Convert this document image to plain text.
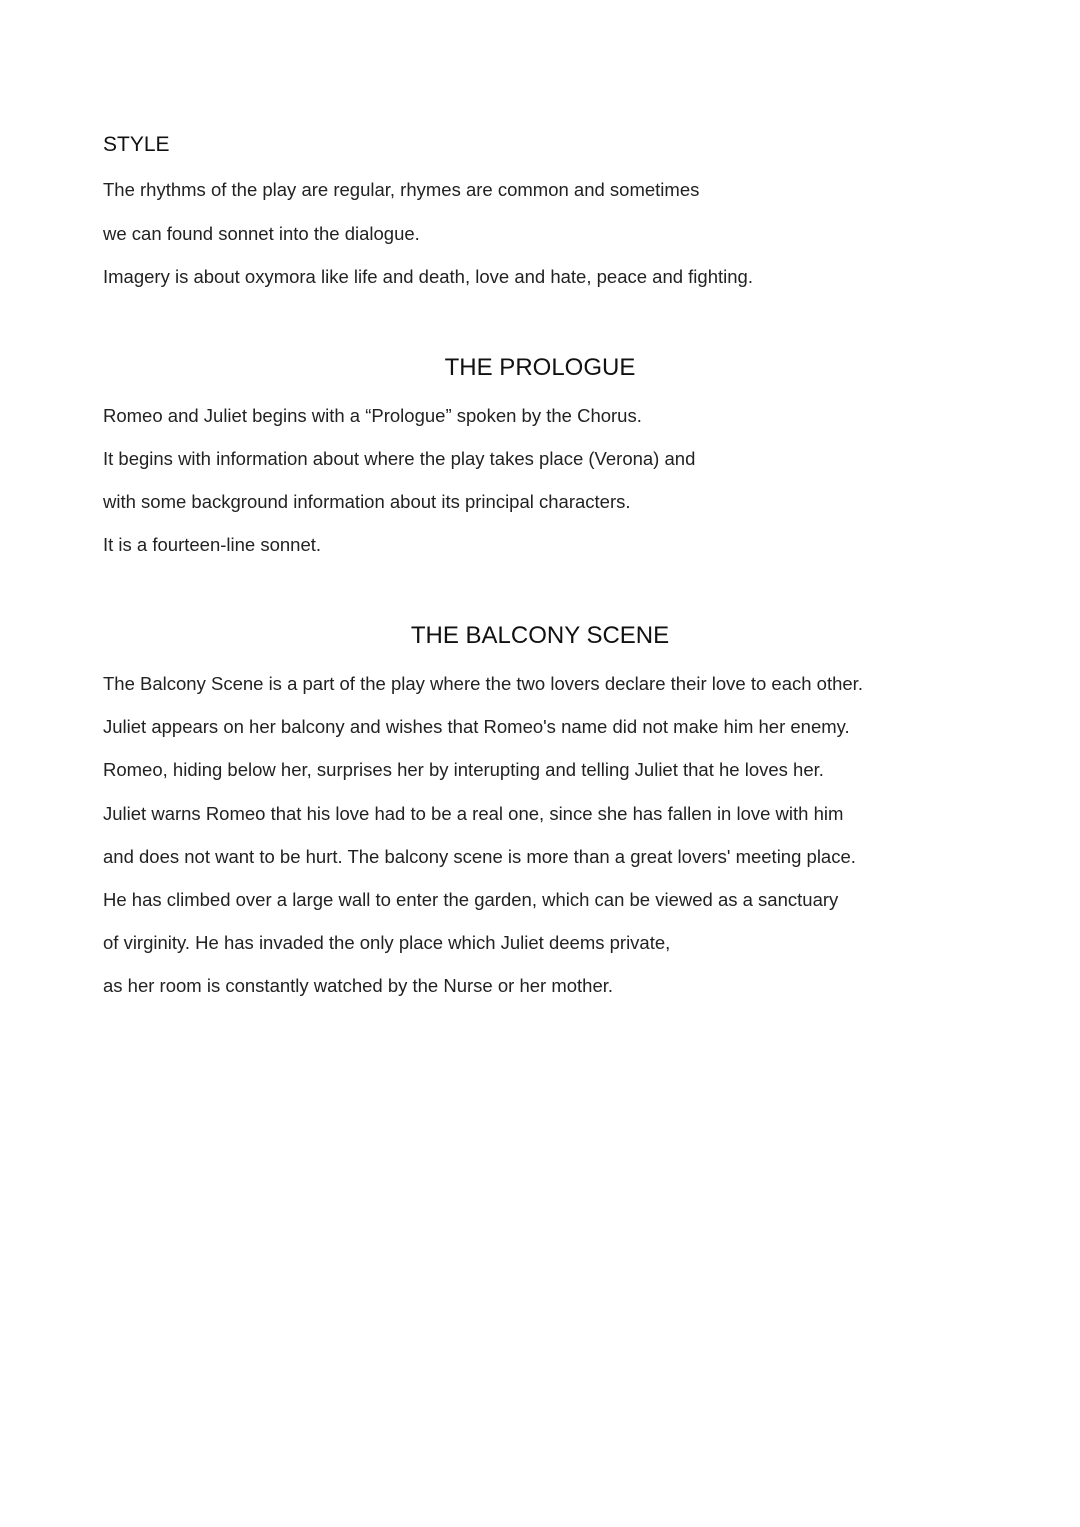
STYLE
The rhythms of the play are regular, rhymes are common and sometimes
we can found sonnet into the dialogue.
Imagery is about oxymora like life and death, love and hate, peace and fighting.
THE PROLOGUE
Romeo and Juliet begins with a “Prologue” spoken by the Chorus.
It begins with information about where the play takes place (Verona) and
with some background information about its principal characters.
It is a fourteen-line sonnet.
THE BALCONY SCENE
The Balcony Scene is a part of the play where the two lovers declare their love to each other.
Juliet appears on her balcony and wishes that Romeo's name did not make him her enemy.
Romeo, hiding below her, surprises her by interupting and telling Juliet that he loves her.
Juliet warns Romeo that his love had to be a real one, since she has fallen in love with him
and does not want to be hurt. The balcony scene is more than a great lovers' meeting place.
He has climbed over a large wall to enter the garden, which can be viewed as a sanctuary
of virginity. He has invaded the only place which Juliet deems private,
as her room is constantly watched by the Nurse or her mother.
